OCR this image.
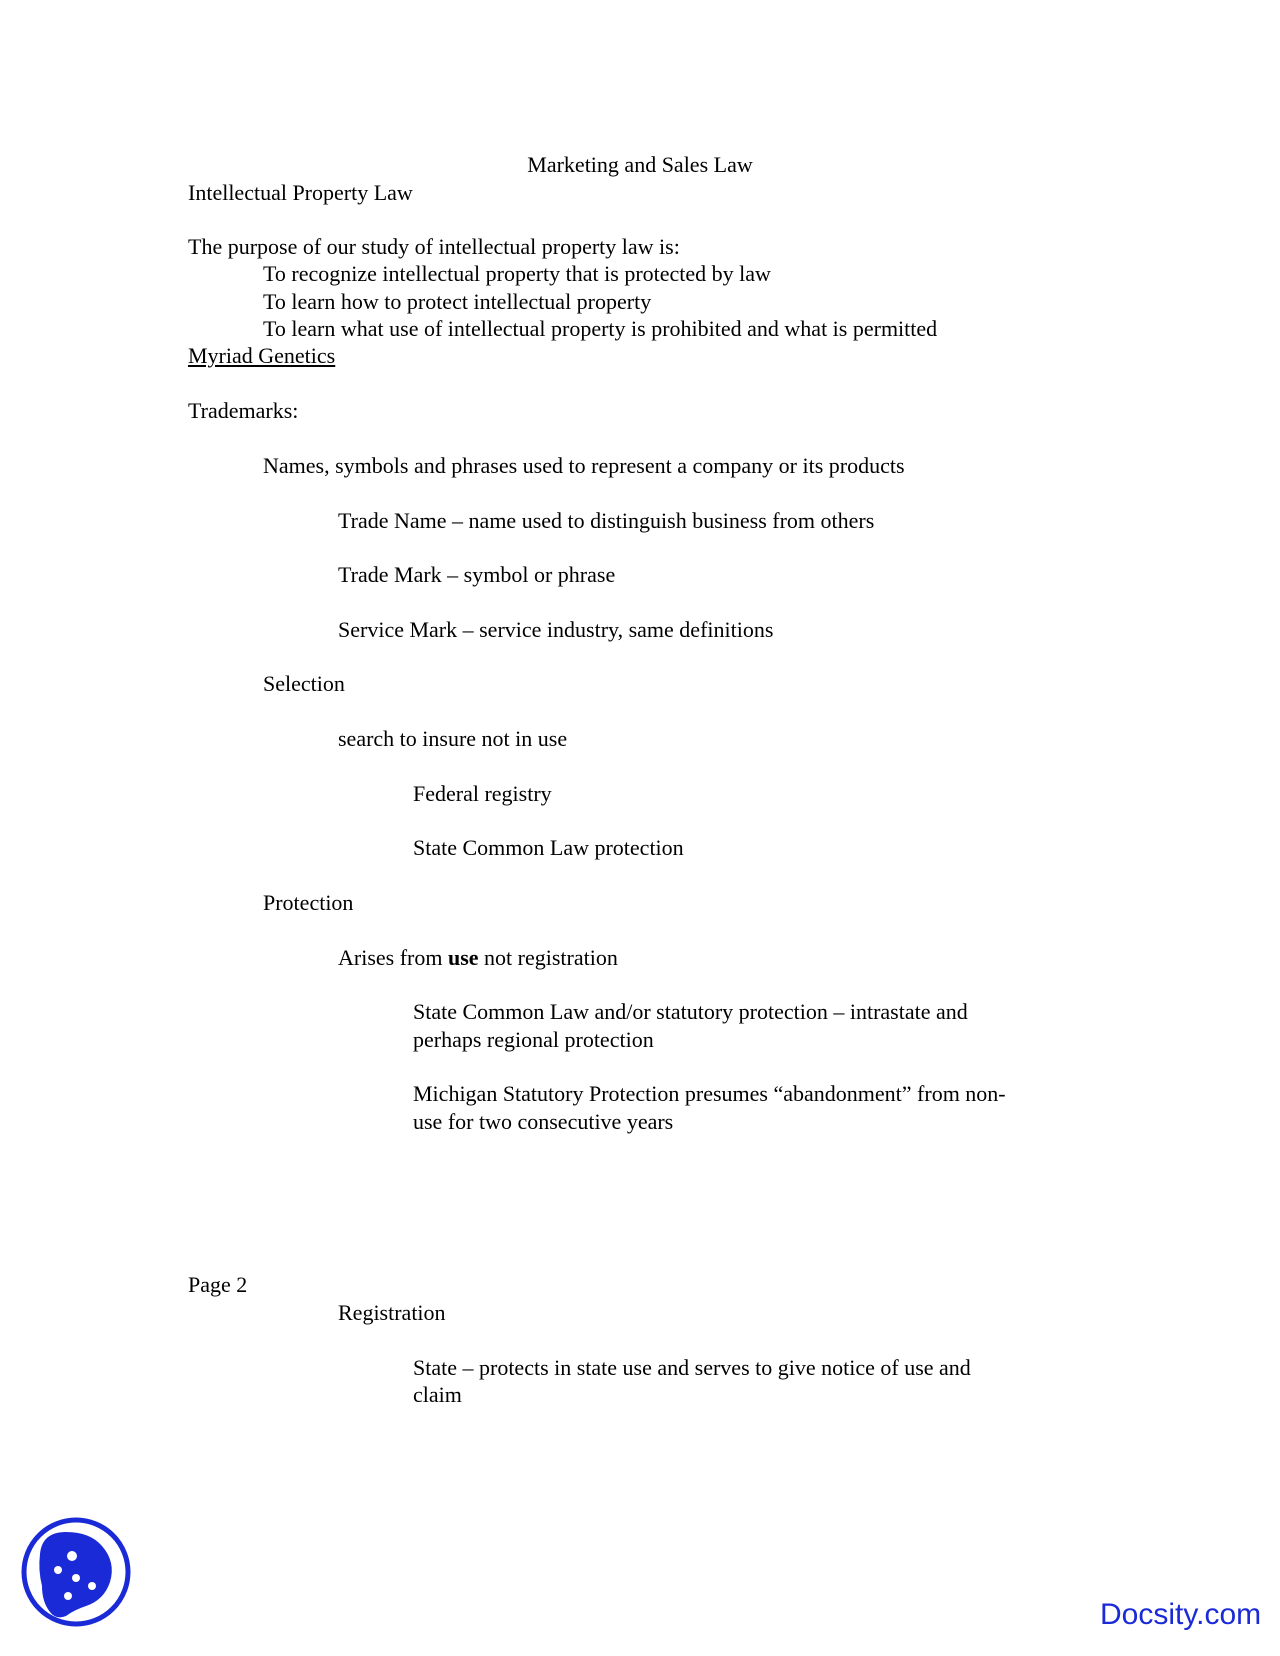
Marketing and Sales Law
Intellectual Property Law
The purpose of our study of intellectual property law is:
To recognize intellectual property that is protected by law
To learn how to protect intellectual property
To learn what use of intellectual property is prohibited and what is permitted
Myriad Genetics
Trademarks:
Names, symbols and phrases used to represent a company or its products
Trade Name – name used to distinguish business from others
Trade Mark – symbol or phrase
Service Mark – service industry, same definitions
Selection
search to insure not in use
Federal registry
State Common Law protection
Protection
Arises from use not registration
State Common Law and/or statutory protection – intrastate and
perhaps regional protection
Michigan Statutory Protection presumes “abandonment” from non-
use for two consecutive years
Page 2
Registration
State – protects in state use and serves to give notice of use and
claim
Docsity.com
